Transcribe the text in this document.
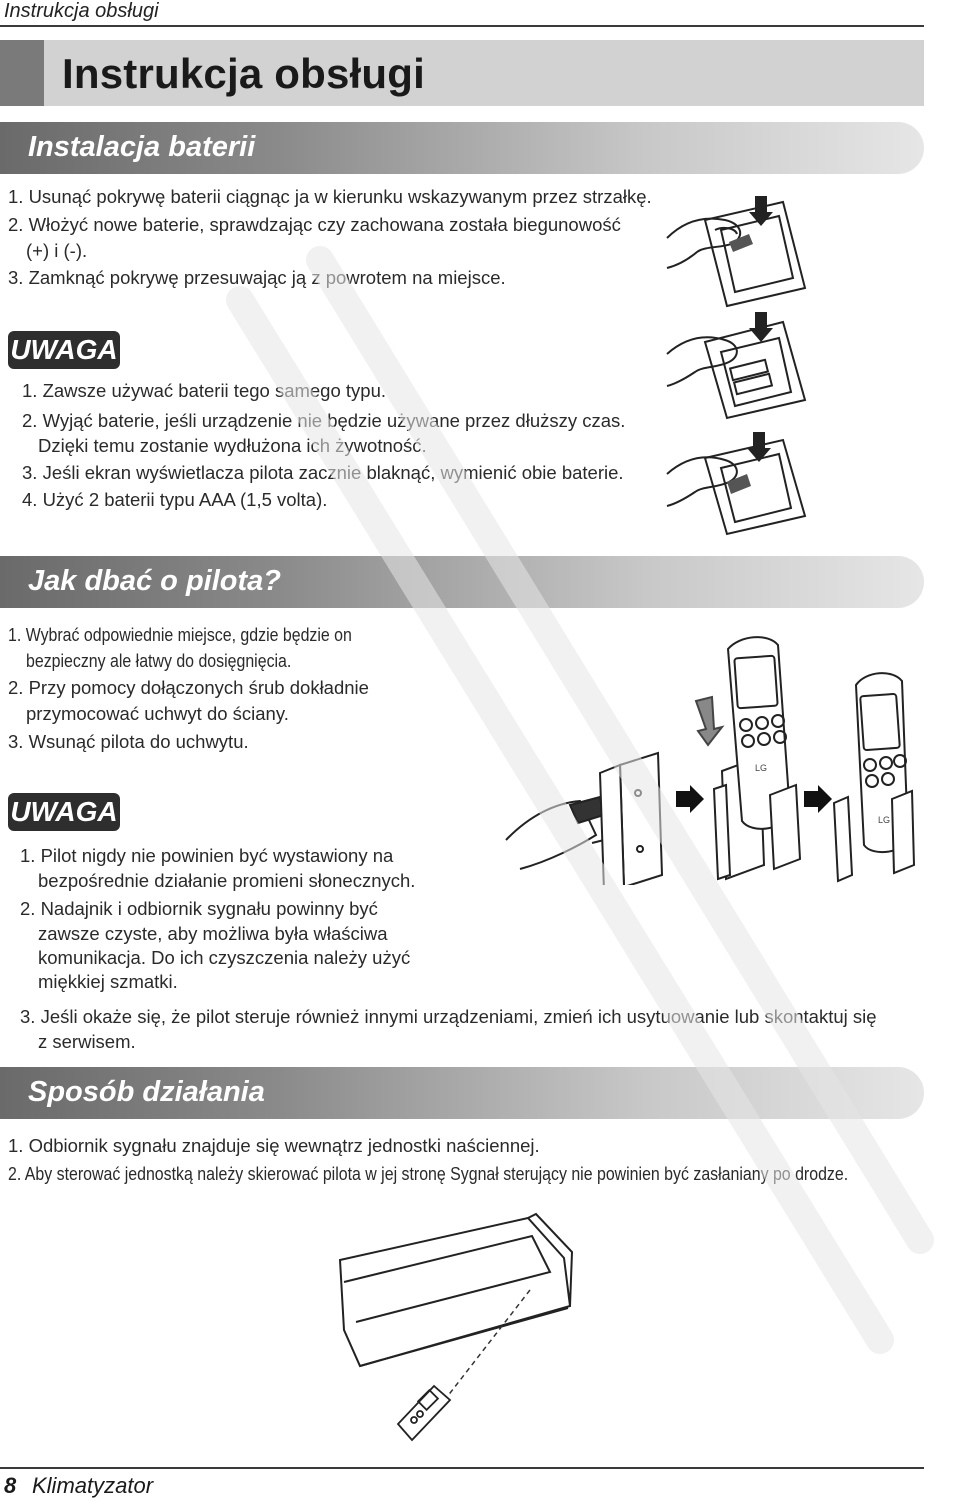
Instrukcja obsługi
Instrukcja obsługi
Instalacja baterii
1. Usunąć pokrywę baterii ciągnąc ja w kierunku wskazywanym przez strzałkę.
2. Włożyć nowe baterie, sprawdzając czy zachowana została biegunowość
(+) i (-).
3. Zamknąć pokrywę przesuwając ją z powrotem na miejsce.
UWAGA
1. Zawsze używać baterii tego samego typu.
2. Wyjąć baterie, jeśli urządzenie nie będzie używane przez dłuższy czas.
Dzięki temu zostanie wydłużona ich żywotność.
3. Jeśli ekran wyświetlacza pilota zacznie blaknąć, wymienić obie baterie.
4. Użyć 2 baterii typu AAA (1,5 volta).
Jak dbać o pilota?
1. Wybrać odpowiednie miejsce, gdzie będzie on
bezpieczny ale łatwy do dosięgnięcia.
2. Przy pomocy dołączonych śrub dokładnie
przymocować uchwyt do ściany.
3. Wsunąć pilota do uchwytu.
UWAGA
1. Pilot nigdy nie powinien być wystawiony na
bezpośrednie działanie promieni słonecznych.
2. Nadajnik i odbiornik sygnału powinny być
zawsze czyste, aby możliwa była właściwa
komunikacja. Do ich czyszczenia należy użyć
miękkiej szmatki.
3. Jeśli okaże się, że pilot steruje również innymi urządzeniami, zmień ich usytuowanie lub skontaktuj się
z serwisem.
LG
LG
Sposób działania
1. Odbiornik sygnału znajduje się wewnątrz jednostki naściennej.
2. Aby sterować jednostką należy skierować pilota w jej stronę Sygnał sterujący nie powinien być zasłaniany po drodze.
8 Klimatyzator
